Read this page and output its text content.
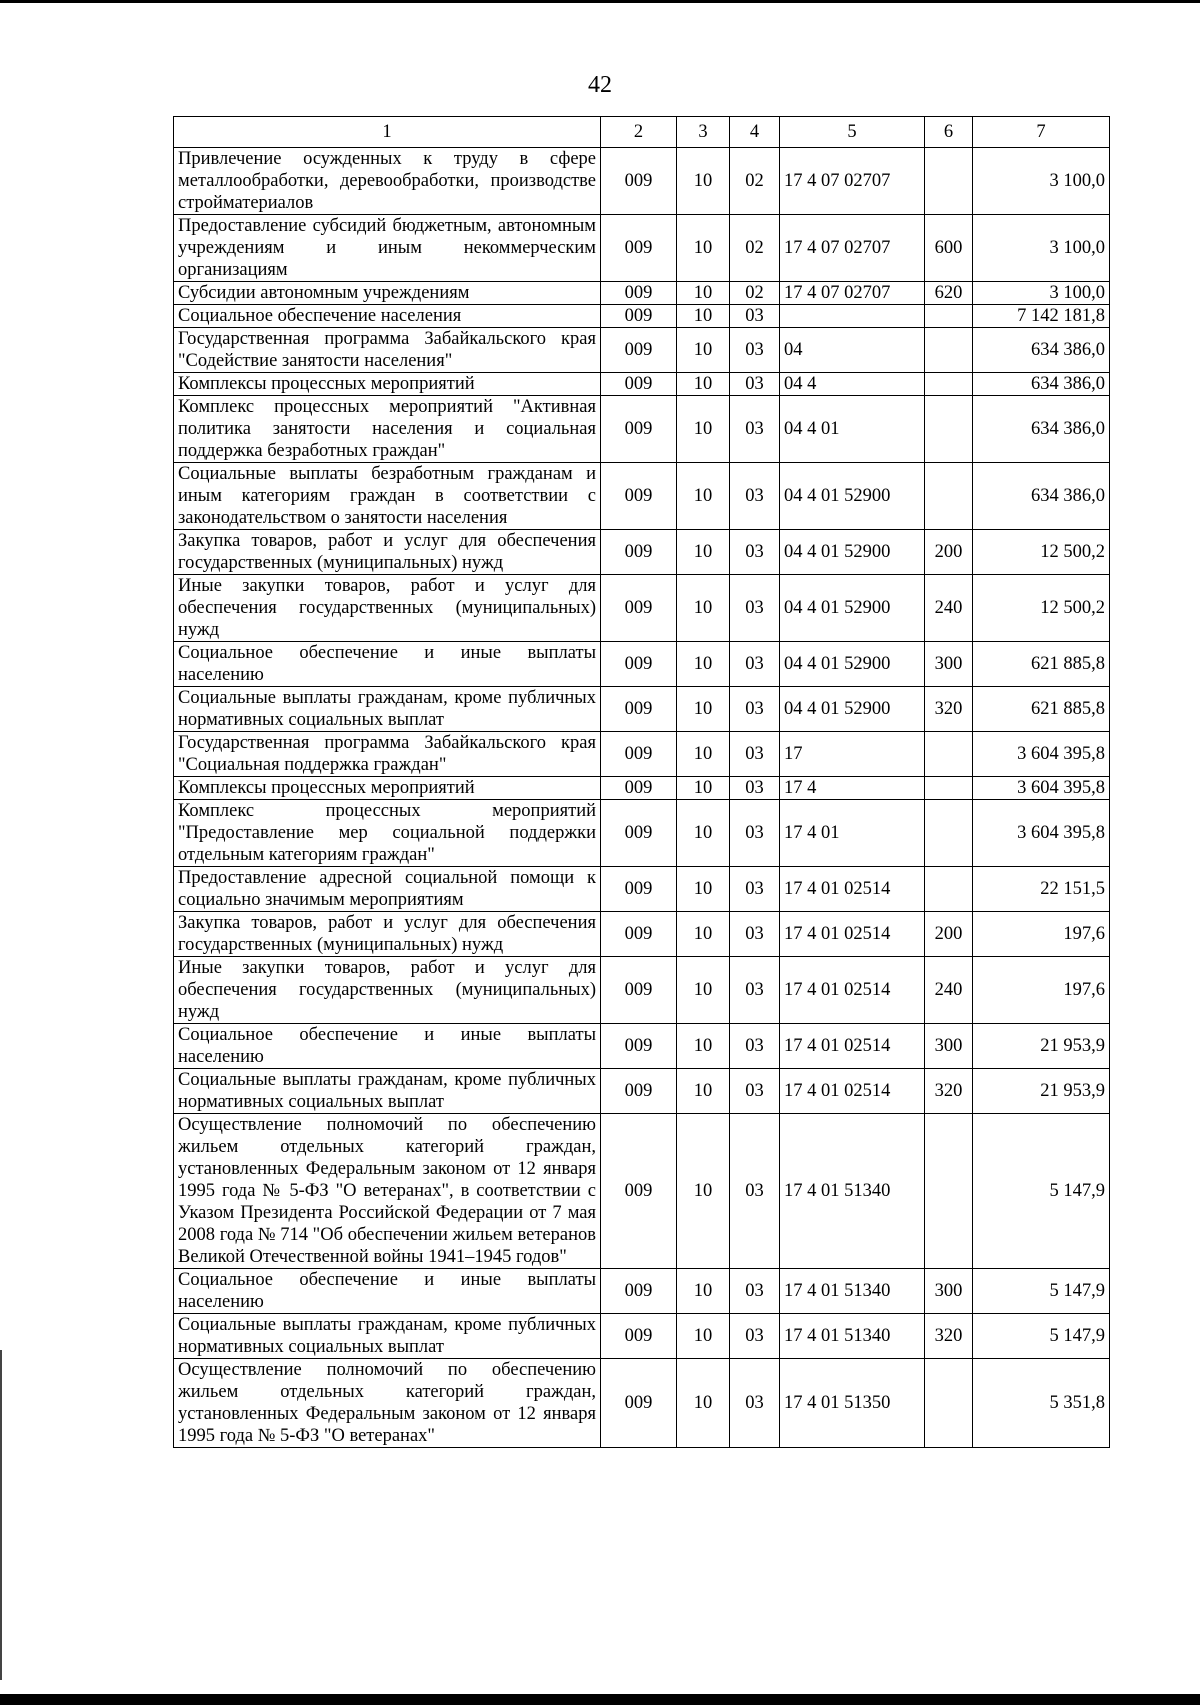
42
1	2	3	4	5	6	7
Привлечение осужденных к труду в сфере металлообработки, деревообработки, производстве стройматериалов	009	10	02	17 4 07 02707		3 100,0
Предоставление субсидий бюджетным, автономным учреждениям и иным некоммерческим организациям	009	10	02	17 4 07 02707	600	3 100,0
Субсидии автономным учреждениям	009	10	02	17 4 07 02707	620	3 100,0
Социальное обеспечение населения	009	10	03			7 142 181,8
Государственная программа Забайкальского края "Содействие занятости населения"	009	10	03	04		634 386,0
Комплексы процессных мероприятий	009	10	03	04 4		634 386,0
Комплекс процессных мероприятий "Активная политика занятости населения и социальная поддержка безработных граждан"	009	10	03	04 4 01		634 386,0
Социальные выплаты безработным гражданам и иным категориям граждан в соответствии с законодательством о занятости населения	009	10	03	04 4 01 52900		634 386,0
Закупка товаров, работ и услуг для обеспечения государственных (муниципальных) нужд	009	10	03	04 4 01 52900	200	12 500,2
Иные закупки товаров, работ и услуг для обеспечения государственных (муниципальных) нужд	009	10	03	04 4 01 52900	240	12 500,2
Социальное обеспечение и иные выплаты населению	009	10	03	04 4 01 52900	300	621 885,8
Социальные выплаты гражданам, кроме публичных нормативных социальных выплат	009	10	03	04 4 01 52900	320	621 885,8
Государственная программа Забайкальского края "Социальная поддержка граждан"	009	10	03	17		3 604 395,8
Комплексы процессных мероприятий	009	10	03	17 4		3 604 395,8
Комплекс процессных мероприятий "Предоставление мер социальной поддержки отдельным категориям граждан"	009	10	03	17 4 01		3 604 395,8
Предоставление адресной социальной помощи к социально значимым мероприятиям	009	10	03	17 4 01 02514		22 151,5
Закупка товаров, работ и услуг для обеспечения государственных (муниципальных) нужд	009	10	03	17 4 01 02514	200	197,6
Иные закупки товаров, работ и услуг для обеспечения государственных (муниципальных) нужд	009	10	03	17 4 01 02514	240	197,6
Социальное обеспечение и иные выплаты населению	009	10	03	17 4 01 02514	300	21 953,9
Социальные выплаты гражданам, кроме публичных нормативных социальных выплат	009	10	03	17 4 01 02514	320	21 953,9
Осуществление полномочий по обеспечению жильем отдельных категорий граждан, установленных Федеральным законом от 12 января 1995 года № 5-ФЗ "О ветеранах", в соответствии с Указом Президента Российской Федерации от 7 мая 2008 года № 714 "Об обеспечении жильем ветеранов Великой Отечественной войны 1941–1945 годов"	009	10	03	17 4 01 51340		5 147,9
Социальное обеспечение и иные выплаты населению	009	10	03	17 4 01 51340	300	5 147,9
Социальные выплаты гражданам, кроме публичных нормативных социальных выплат	009	10	03	17 4 01 51340	320	5 147,9
Осуществление полномочий по обеспечению жильем отдельных категорий граждан, установленных Федеральным законом от 12 января 1995 года № 5-ФЗ "О ветеранах"	009	10	03	17 4 01 51350		5 351,8
